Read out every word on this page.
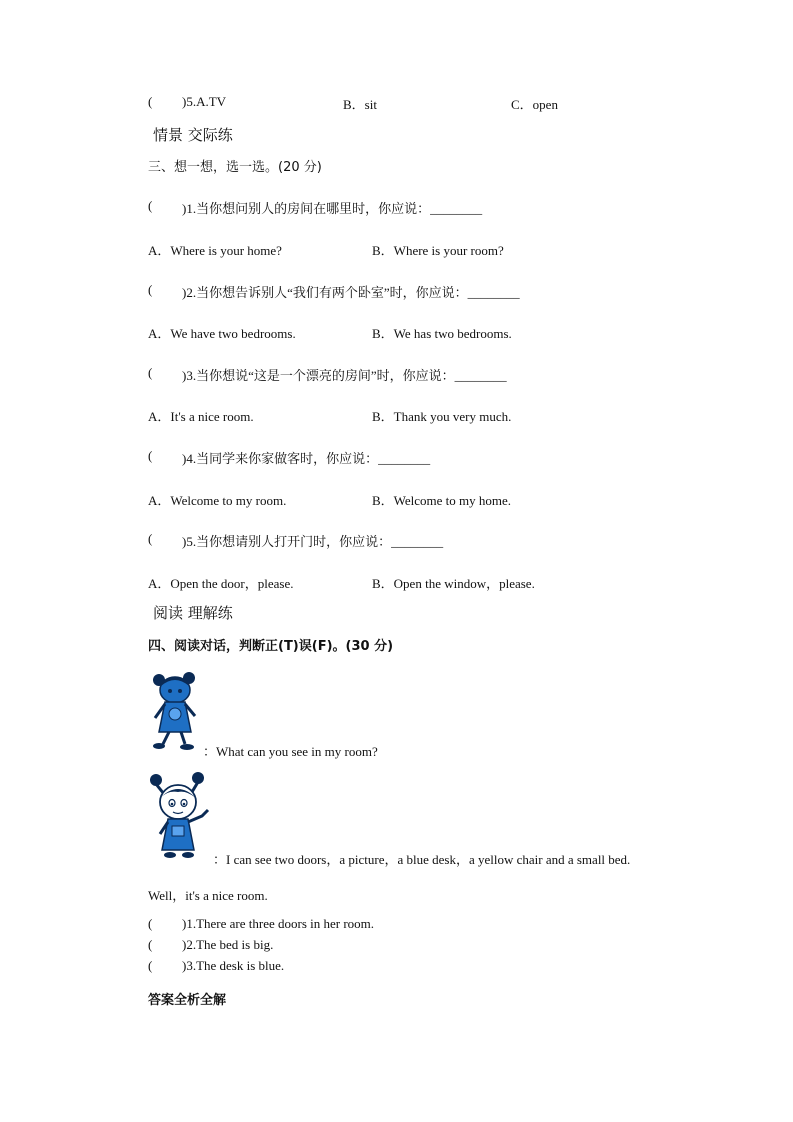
( )5.A.TV	B．sit	C．open
情景 交际练
三、想一想，选一选。(20 分)
( )1.当你想问别人的房间在哪里时，你应说：________
A．Where is your home?	B．Where is your room?
( )2.当你想告诉别人“我们有两个卧室”时，你应说：________
A．We have two bedrooms.	B．We has two bedrooms.
( )3.当你想说“这是一个漂亮的房间”时，你应说：________
A．It's a nice room.	B．Thank you very much.
( )4.当同学来你家做客时，你应说：________
A．Welcome to my room.	B．Welcome to my home.
( )5.当你想请别人打开门时，你应说：________
A．Open the door，please.	B．Open the window，please.
阅读 理解练
四、阅读对话，判断正(T)误(F)。(30 分)
：What can you see in my room?
：I can see two doors，a picture，a blue desk，a yellow chair and a small bed.
Well，it's a nice room.
( )1.There are three doors in her room.
( )2.The bed is big.
( )3.The desk is blue.
答案全析全解
